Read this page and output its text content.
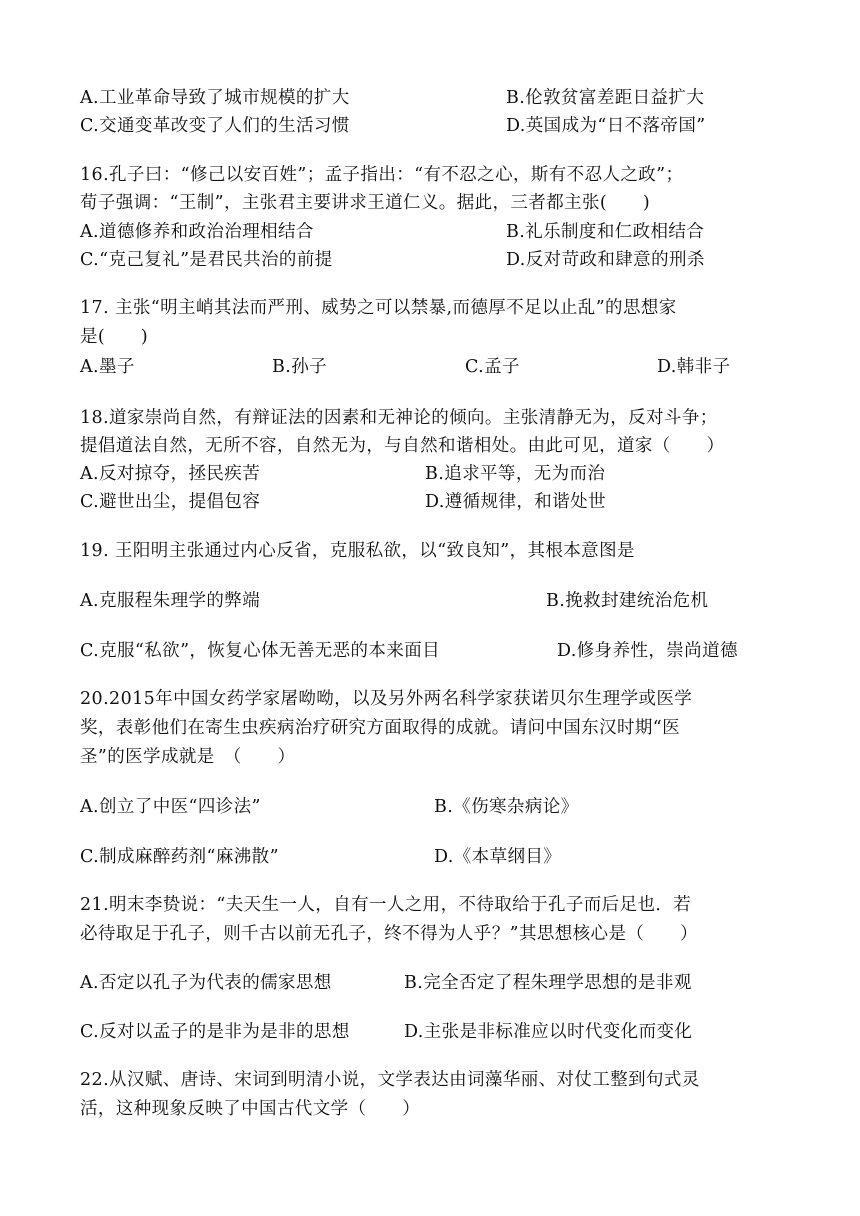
A.工业革命导致了城市规模的扩大	B.伦敦贫富差距日益扩大
C.交通变革改变了人们的生活习惯	D.英国成为“日不落帝国”
16.孔子曰：“修己以安百姓”；孟子指出：“有不忍之心，斯有不忍人之政”；
荀子强调：“王制”，主张君主要讲求王道仁义。据此，三者都主张(　　)
A.道德修养和政治治理相结合	B.礼乐制度和仁政相结合
C.“克己复礼”是君民共治的前提	D.反对苛政和肆意的刑杀
17. 主张“明主峭其法而严刑、威势之可以禁暴,而德厚不足以止乱”的思想家
是(　　)
A.墨子	B.孙子	C.孟子	D.韩非子
18.道家崇尚自然，有辩证法的因素和无神论的倾向。主张清静无为，反对斗争；
提倡道法自然，无所不容，自然无为，与自然和谐相处。由此可见，道家（　　）
A.反对掠夺，拯民疾苦	B.追求平等，无为而治
C.避世出尘，提倡包容	D.遵循规律，和谐处世
19. 王阳明主张通过内心反省，克服私欲，以“致良知”，其根本意图是
A.克服程朱理学的弊端	B.挽救封建统治危机
C.克服“私欲”，恢复心体无善无恶的本来面目	D.修身养性，崇尚道德
20.2015年中国女药学家屠呦呦，以及另外两名科学家获诺贝尔生理学或医学
奖，表彰他们在寄生虫疾病治疗研究方面取得的成就。请问中国东汉时期“医
圣”的医学成就是　（　　）
A.创立了中医“四诊法”	B.《伤寒杂病论》
C.制成麻醉药剂“麻沸散”	D.《本草纲目》
21.明末李贽说：“夫天生一人，自有一人之用，不待取给于孔子而后足也．若
必待取足于孔子，则千古以前无孔子，终不得为人乎？”其思想核心是（　　）
A.否定以孔子为代表的儒家思想	B.完全否定了程朱理学思想的是非观
C.反对以孟子的是非为是非的思想	D.主张是非标准应以时代变化而变化
22.从汉赋、唐诗、宋词到明清小说，文学表达由词藻华丽、对仗工整到句式灵
活，这种现象反映了中国古代文学（　　）
